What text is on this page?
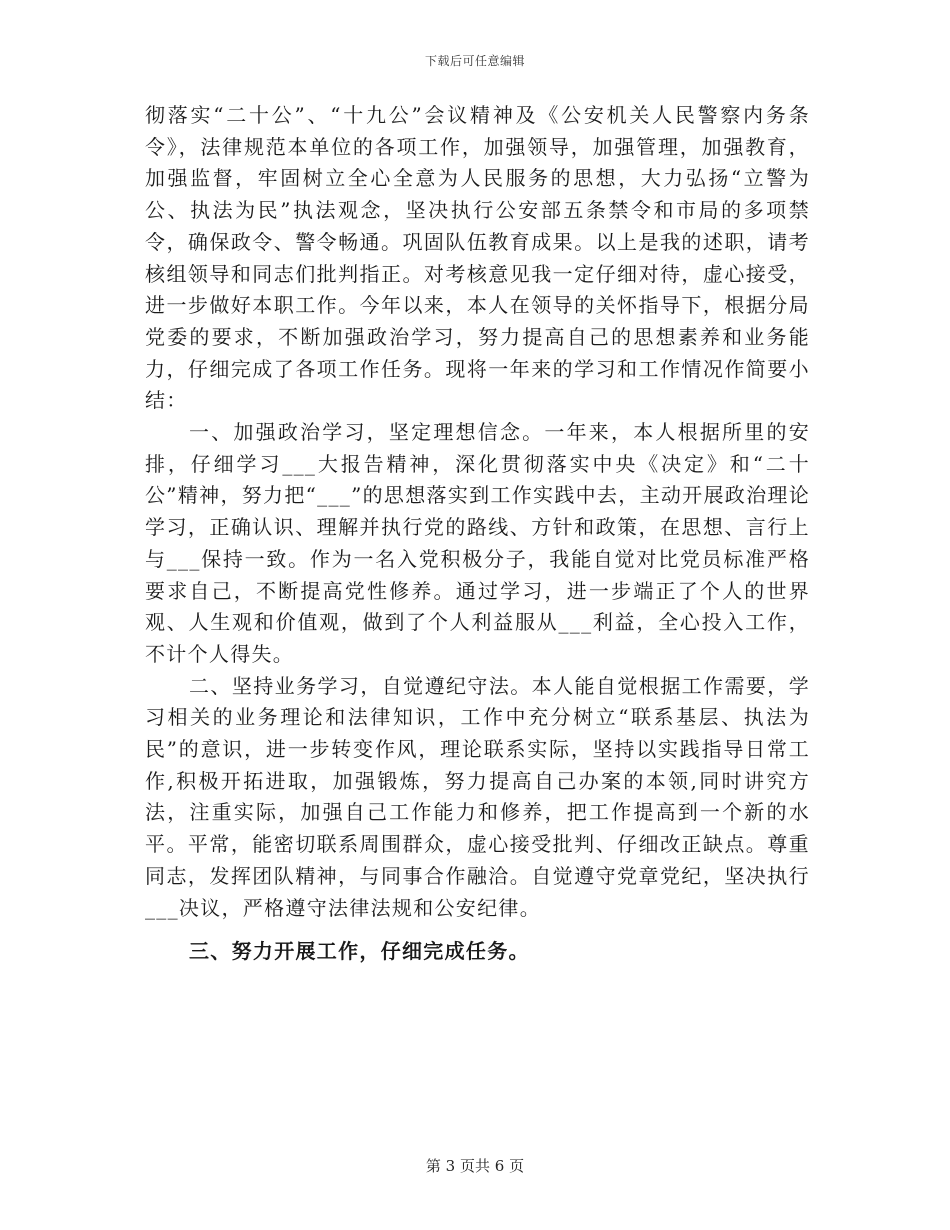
下载后可任意编辑

彻落实“二十公”、“十九公”会议精神及《公安机关人民警察内务条令》，法律规范本单位的各项工作，加强领导，加强管理，加强教育，加强监督，牢固树立全心全意为人民服务的思想，大力弘扬“立警为公、执法为民”执法观念，坚决执行公安部五条禁令和市局的多项禁令，确保政令、警令畅通。巩固队伍教育成果。以上是我的述职，请考核组领导和同志们批判指正。对考核意见我一定仔细对待，虚心接受，进一步做好本职工作。今年以来，本人在领导的关怀指导下，根据分局党委的要求，不断加强政治学习，努力提高自己的思想素养和业务能力，仔细完成了各项工作任务。现将一年来的学习和工作情况作简要小结：

一、加强政治学习，坚定理想信念。一年来，本人根据所里的安排，仔细学习___大报告精神，深化贯彻落实中央《决定》和“二十公”精神，努力把“___”的思想落实到工作实践中去，主动开展政治理论学习，正确认识、理解并执行党的路线、方针和政策，在思想、言行上与___保持一致。作为一名入党积极分子，我能自觉对比党员标准严格要求自己，不断提高党性修养。通过学习，进一步端正了个人的世界观、人生观和价值观，做到了个人利益服从___利益，全心投入工作，不计个人得失。

二、坚持业务学习，自觉遵纪守法。本人能自觉根据工作需要，学习相关的业务理论和法律知识，工作中充分树立“联系基层、执法为民”的意识，进一步转变作风，理论联系实际，坚持以实践指导日常工作,积极开拓进取，加强锻炼，努力提高自己办案的本领,同时讲究方法，注重实际，加强自己工作能力和修养，把工作提高到一个新的水平。平常，能密切联系周围群众，虚心接受批判、仔细改正缺点。尊重同志，发挥团队精神，与同事合作融洽。自觉遵守党章党纪，坚决执行___决议，严格遵守法律法规和公安纪律。

三、努力开展工作，仔细完成任务。

第 3 页共 6 页
